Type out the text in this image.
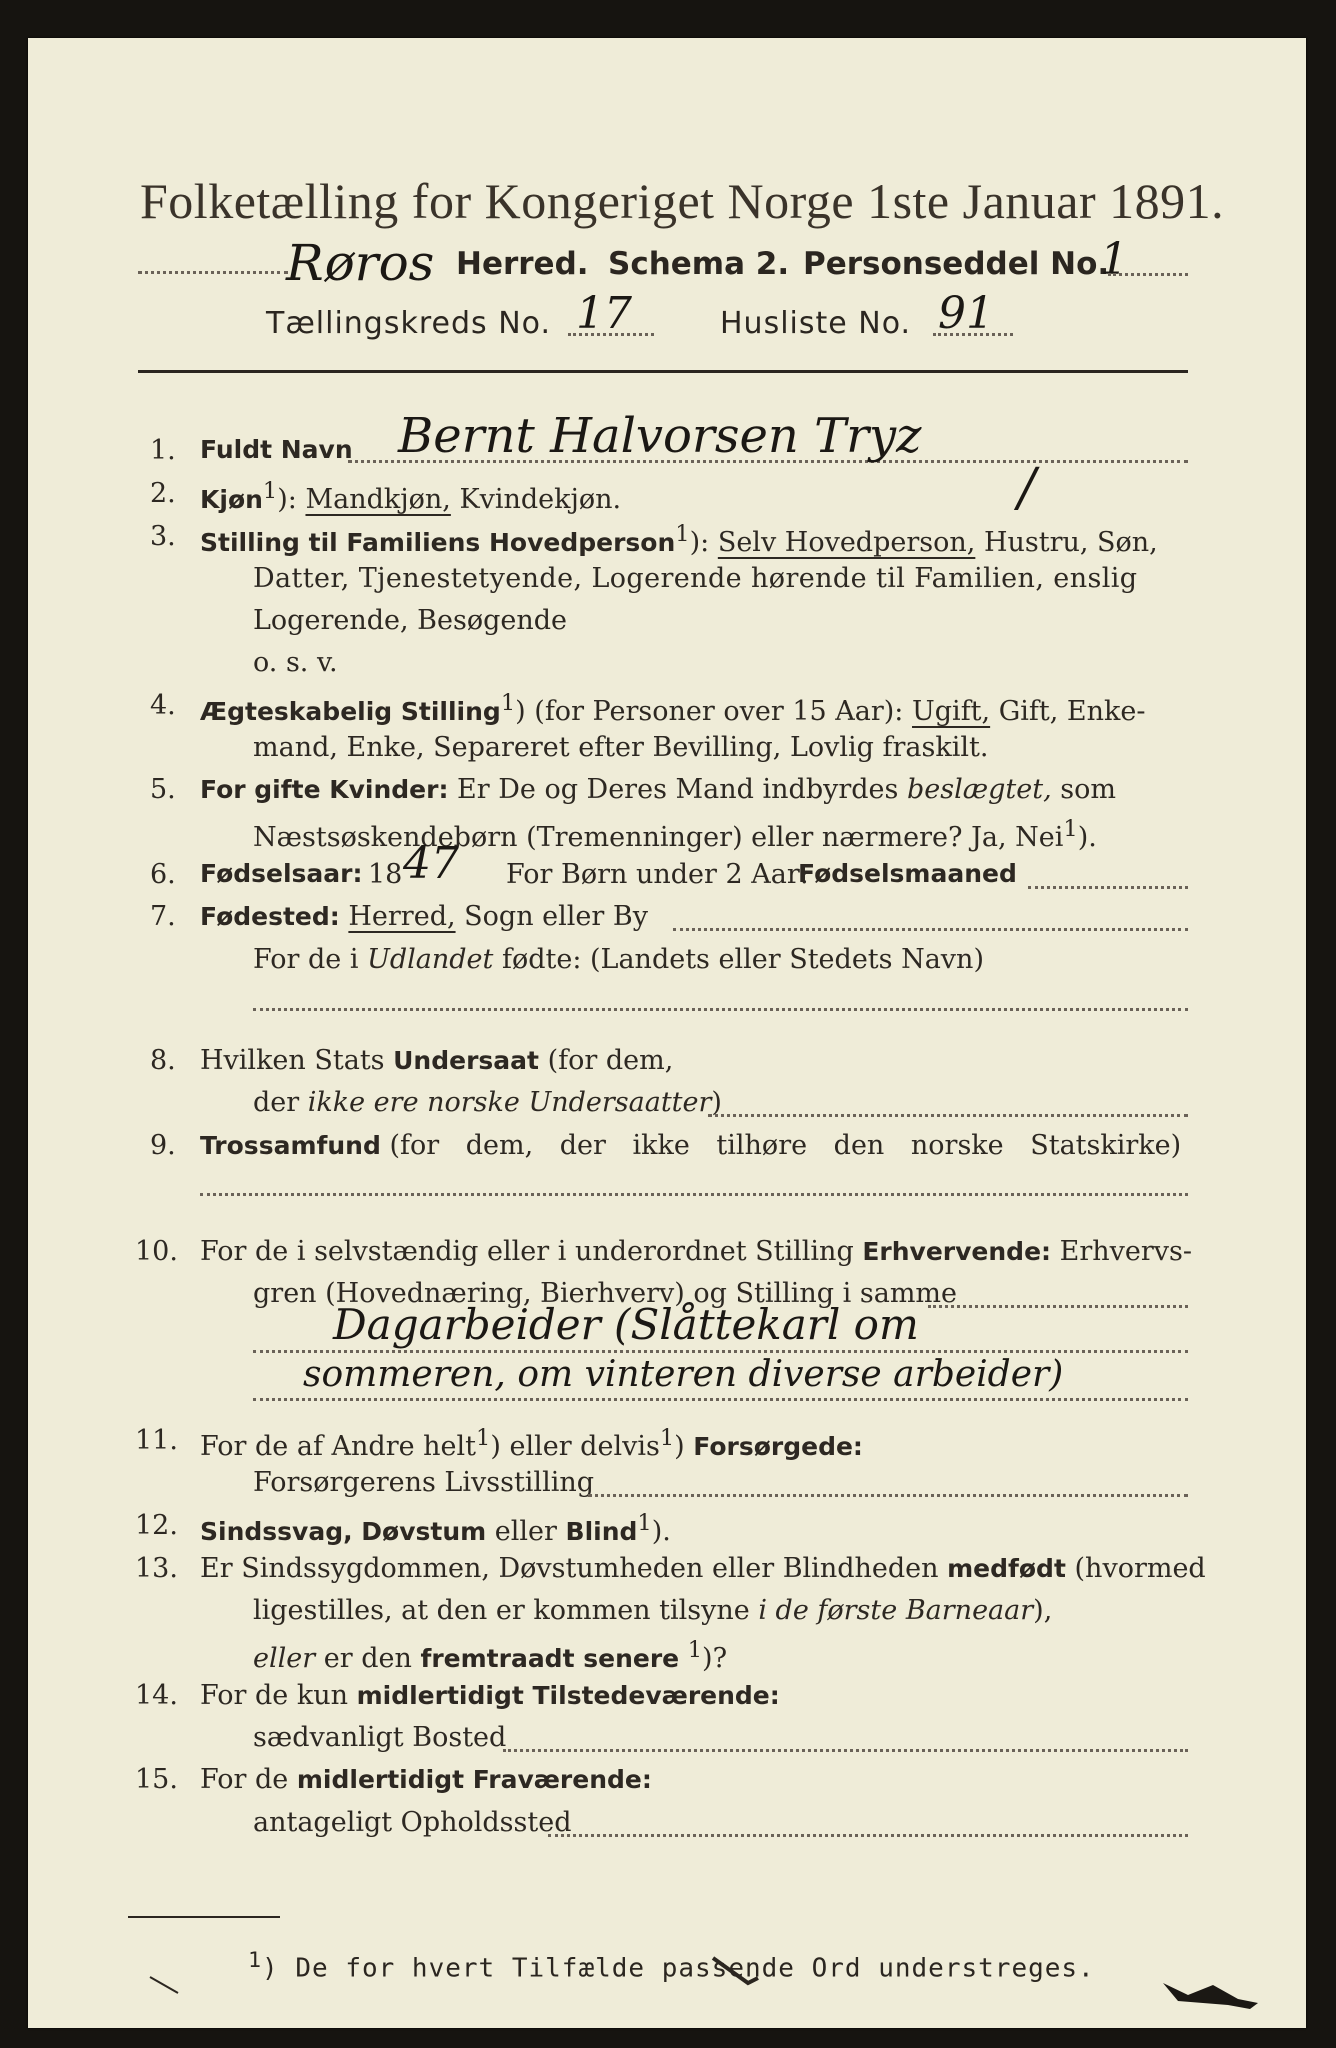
Folketælling for Kongeriget Norge 1ste Januar 1891.
Røros Herred. Schema 2. Personseddel No.
1
Tællingskreds No. 17	Husliste No. 91
1. Fuldt Navn Bernt Halvorsen Tryz
2. Kjøn$^1$): Mandkjøn, Kvindekjøn.	/
3. Stilling til Familiens Hovedperson$^1$): Selv Hovedperson, Hustru, Søn,
Datter, Tjenestetyende, Logerende hørende til Familien, enslig
Logerende, Besøgende
o. s. v.
4. Ægteskabelig Stilling$^1$) (for Personer over 15 Aar): Ugift, Gift, Enke-
mand, Enke, Separeret efter Bevilling, Lovlig fraskilt.
5. For gifte Kvinder: Er De og Deres Mand indbyrdes beslægtet, som
Næstsøskendebørn (Tremenninger) eller nærmere? Ja, Nei$^1$).
6. Fødselsaar: 18 47 For Børn under 2 Aar:
Fødselsmaaned
7. Fødested: Herred, Sogn eller By
For de i Udlandet fødte: (Landets eller Stedets Navn)
8. Hvilken Stats Undersaat (for dem,
der ikke ere norske Undersaatter)
9. Trossamfund (for dem, der ikke tilhøre den norske Statskirke)
10. For de i selvstændig eller i underordnet Stilling Erhvervende: Erhvervs-
gren (Hovednæring, Bierhverv) og Stilling i samme
Dagarbeider (Slåttekarl om
sommeren, om vinteren diverse arbeider)
11. For de af Andre helt$^1$) eller delvis$^1$) Forsørgede:
Forsørgerens Livsstilling
12. Sindssvag, Døvstum eller Blind$^1$).
13. Er Sindssygdommen, Døvstumheden eller Blindheden medfødt (hvormed
ligestilles, at den er kommen tilsyne i de første Barneaar),
eller er den fremtraadt senere $^1$)?
14. For de kun midlertidigt Tilstedeværende:
sædvanligt Bosted
15. For de midlertidigt Fraværende:
antageligt Opholdssted
$^1$) De for hvert Tilfælde passende Ord understreges.
